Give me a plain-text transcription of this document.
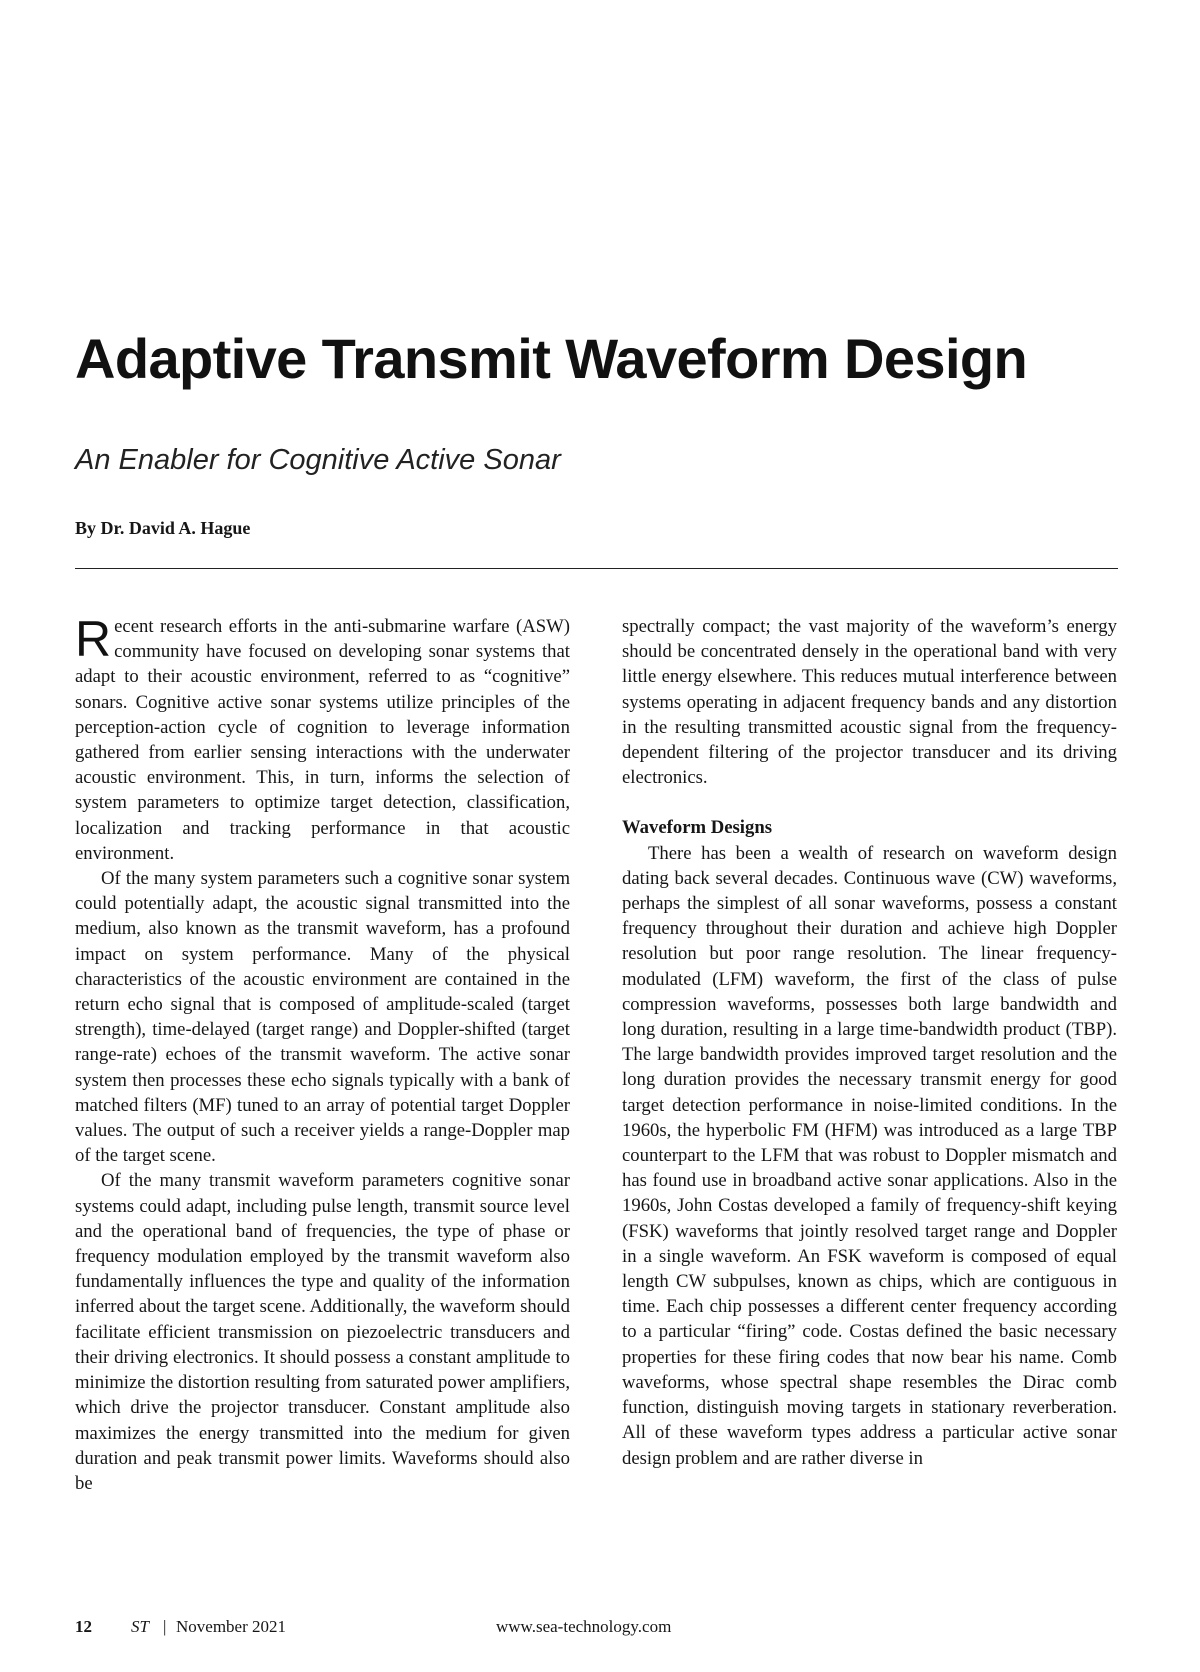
Adaptive Transmit Waveform Design
An Enabler for Cognitive Active Sonar

By Dr. David A. Hague

Recent research efforts in the anti-submarine warfare (ASW) community have focused on developing sonar systems that adapt to their acoustic environment, referred to as “cognitive” sonars. Cognitive active sonar systems utilize principles of the perception-action cycle of cognition to leverage information gathered from earlier sensing interactions with the underwater acoustic environment. This, in turn, informs the selection of system parameters to optimize target detection, classification, localization and tracking performance in that acoustic environment.

Of the many system parameters such a cognitive sonar system could potentially adapt, the acoustic signal transmitted into the medium, also known as the transmit waveform, has a profound impact on system performance. Many of the physical characteristics of the acoustic environment are contained in the return echo signal that is composed of amplitude-scaled (target strength), time-delayed (target range) and Doppler-shifted (target range-rate) echoes of the transmit waveform. The active sonar system then processes these echo signals typically with a bank of matched filters (MF) tuned to an array of potential target Doppler values. The output of such a receiver yields a range-Doppler map of the target scene.

Of the many transmit waveform parameters cognitive sonar systems could adapt, including pulse length, transmit source level and the operational band of frequencies, the type of phase or frequency modulation employed by the transmit waveform also fundamentally influences the type and quality of the information inferred about the target scene. Additionally, the waveform should facilitate efficient transmission on piezoelectric transducers and their driving electronics. It should possess a constant amplitude to minimize the distortion resulting from saturated power amplifiers, which drive the projector transducer. Constant amplitude also maximizes the energy transmitted into the medium for given duration and peak transmit power limits. Waveforms should also be

spectrally compact; the vast majority of the waveform’s energy should be concentrated densely in the operational band with very little energy elsewhere. This reduces mutual interference between systems operating in adjacent frequency bands and any distortion in the resulting transmitted acoustic signal from the frequency-dependent filtering of the projector transducer and its driving electronics.

Waveform Designs

There has been a wealth of research on waveform design dating back several decades. Continuous wave (CW) waveforms, perhaps the simplest of all sonar waveforms, possess a constant frequency throughout their duration and achieve high Doppler resolution but poor range resolution. The linear frequency-modulated (LFM) waveform, the first of the class of pulse compression waveforms, possesses both large bandwidth and long duration, resulting in a large time-bandwidth product (TBP). The large bandwidth provides improved target resolution and the long duration provides the necessary transmit energy for good target detection performance in noise-limited conditions. In the 1960s, the hyperbolic FM (HFM) was introduced as a large TBP counterpart to the LFM that was robust to Doppler mismatch and has found use in broadband active sonar applications. Also in the 1960s, John Costas developed a family of frequency-shift keying (FSK) waveforms that jointly resolved target range and Doppler in a single waveform. An FSK waveform is composed of equal length CW subpulses, known as chips, which are contiguous in time. Each chip possesses a different center frequency according to a particular “firing” code. Costas defined the basic necessary properties for these firing codes that now bear his name. Comb waveforms, whose spectral shape resembles the Dirac comb function, distinguish moving targets in stationary reverberation. All of these waveform types address a particular active sonar design problem and are rather diverse in

12 ST | November 2021	www.sea-technology.com
